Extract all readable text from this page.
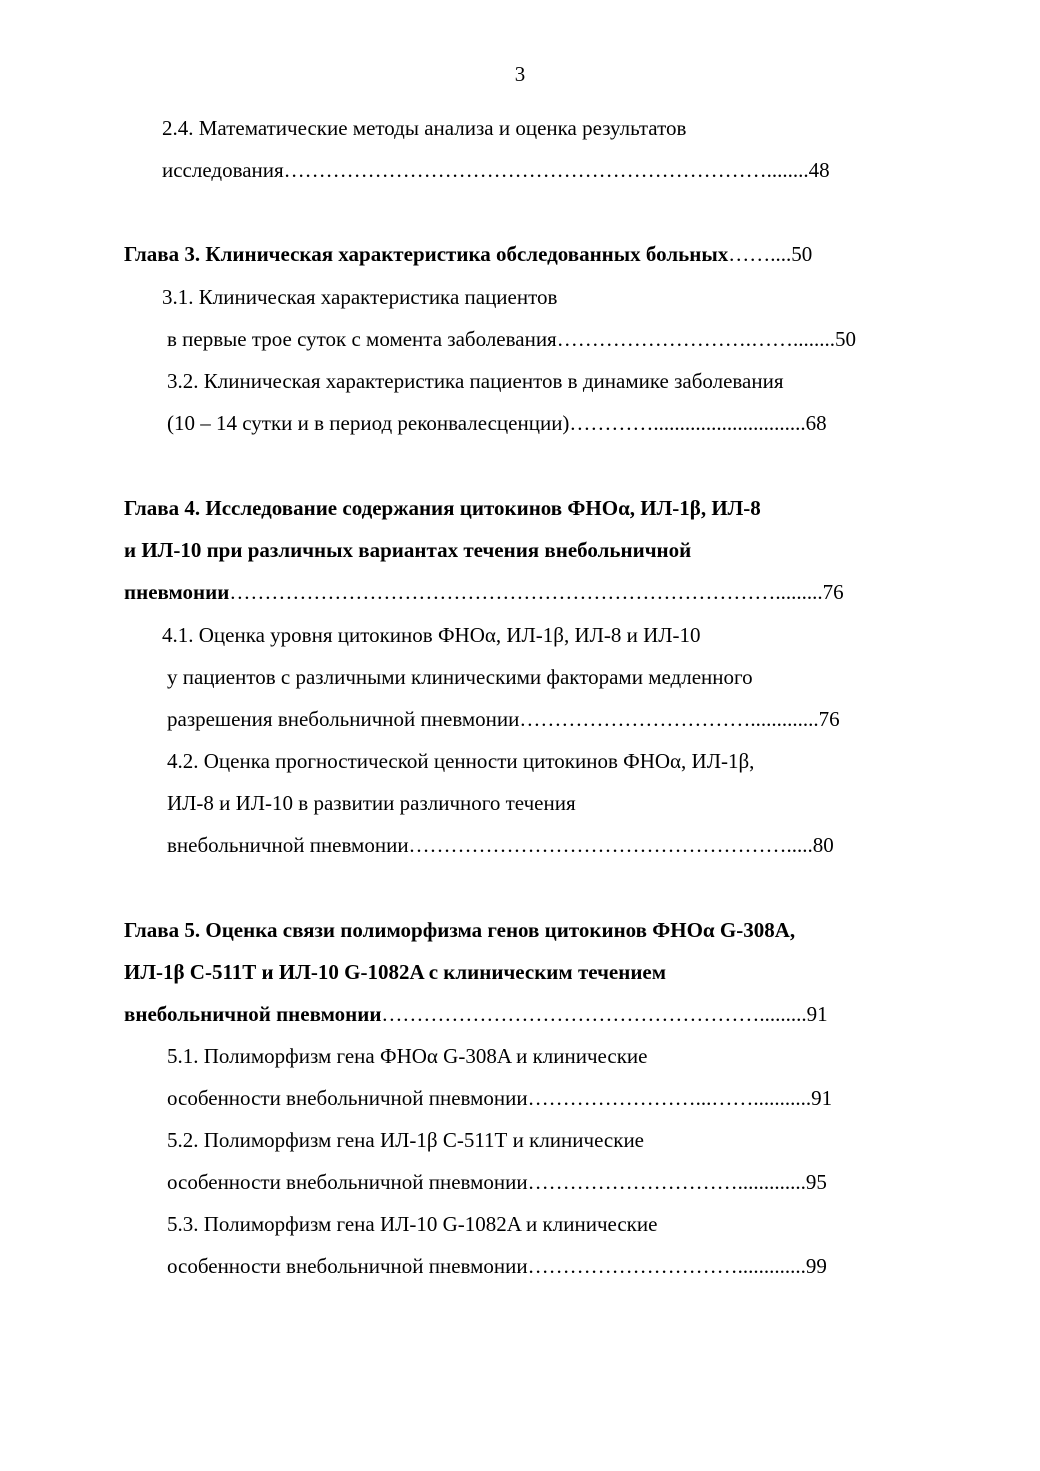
3
2.4. Математические методы анализа и оценка результатов
исследования……………………………………………………………........48
Глава 3. Клиническая характеристика обследованных больных……....50
3.1. Клиническая характеристика пациентов
в первые трое суток с момента заболевания……………………….……........50
3.2. Клиническая характеристика пациентов в динамике заболевания
(10 – 14 сутки и в период реконвалесценции)………….............................68
Глава 4. Исследование содержания цитокинов ФНОα, ИЛ-1β, ИЛ-8
и ИЛ-10 при различных вариантах течения внебольничной
пневмонии…………………………………………………………………….........76
4.1. Оценка уровня цитокинов ФНОα, ИЛ-1β, ИЛ-8 и ИЛ-10
у пациентов с различными клиническими факторами медленного
разрешения внебольничной пневмонии…………………………….............76
4.2. Оценка прогностической ценности цитокинов ФНОα, ИЛ-1β,
ИЛ-8 и ИЛ-10 в развитии различного течения
внебольничной пневмонии……………………………………………….....80
Глава 5. Оценка связи полиморфизма генов цитокинов ФНОα G-308A,
ИЛ-1β С-511Т и ИЛ-10 G-1082A с клиническим течением
внебольничной пневмонии……………………………………………….........91
5.1. Полиморфизм гена ФНОα G-308A и клинические
особенности внебольничной пневмонии……………………...……...........91
5.2. Полиморфизм гена ИЛ-1β С-511Т и клинические
особенности внебольничной пневмонии………………………….............95
5.3. Полиморфизм гена ИЛ-10 G-1082A и клинические
особенности внебольничной пневмонии………………………….............99
